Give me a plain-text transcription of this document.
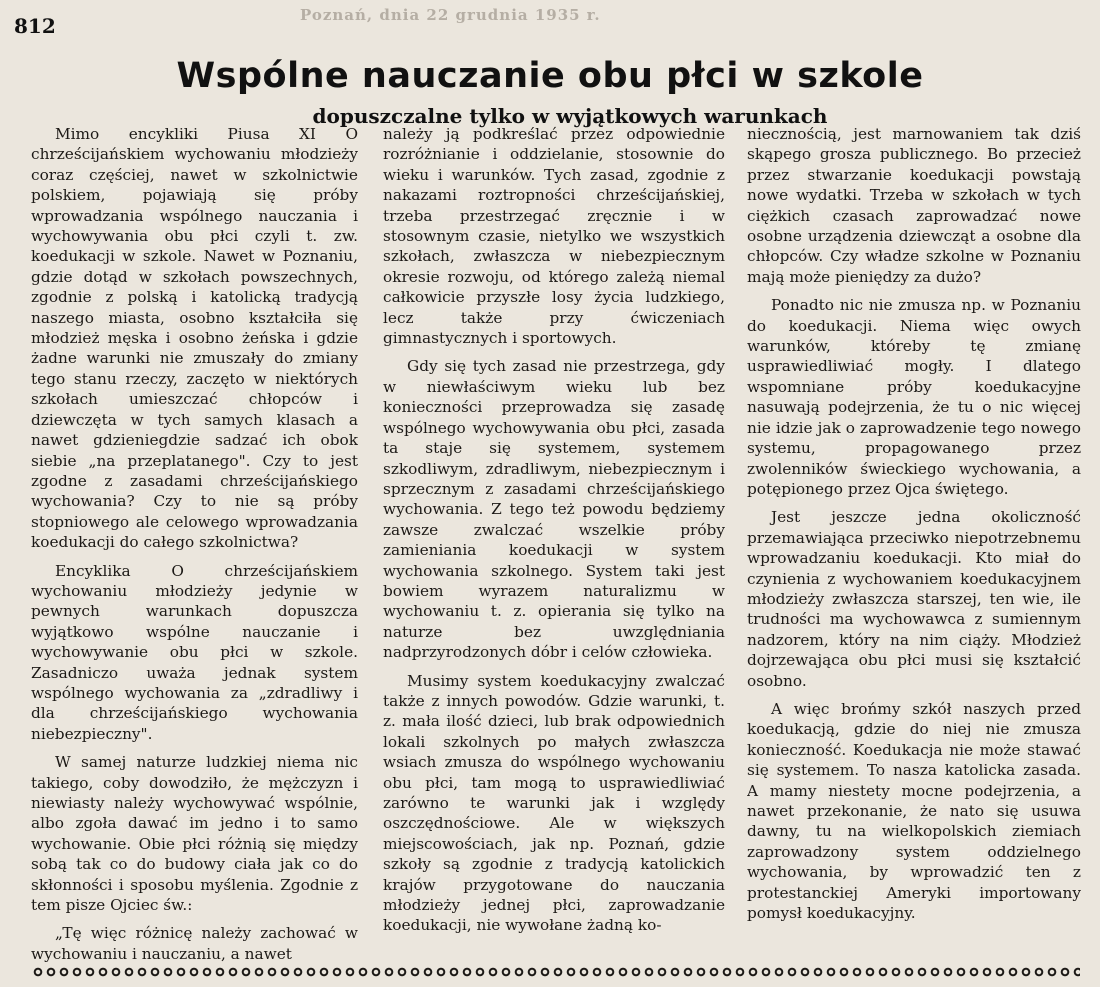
812	Poznań, dnia 22 grudnia 1935 r.
Wspólne nauczanie obu płci w szkole
dopuszczalne tylko w wyjątkowych warunkach

Mimo encykliki Piusa XI O chrześcijańskiem wychowaniu młodzieży coraz częściej, nawet w szkolnictwie polskiem, pojawiają się próby wprowadzania wspólnego nauczania i wychowywania obu płci czyli t. zw. koedukacji w szkole. Nawet w Poznaniu, gdzie dotąd w szkołach powszechnych, zgodnie z polską i katolicką tradycją naszego miasta, osobno kształciła się młodzież męska i osobno żeńska i gdzie żadne warunki nie zmuszały do zmiany tego stanu rzeczy, zaczęto w niektórych szkołach umieszczać chłopców i dziewczęta w tych samych klasach a nawet gdzieniegdzie sadzać ich obok siebie „na przeplatanego". Czy to jest zgodne z zasadami chrześcijańskiego wychowania? Czy to nie są próby stopniowego ale celowego wprowadzania koedukacji do całego szkolnictwa?

Encyklika O chrześcijańskiem wychowaniu młodzieży jedynie w pewnych warunkach dopuszcza wyjątkowo wspólne nauczanie i wychowywanie obu płci w szkole. Zasadniczo uważa jednak system wspólnego wychowania za „zdradliwy i dla chrześcijańskiego wychowania niebezpieczny".

W samej naturze ludzkiej niema nic takiego, coby dowodziło, że mężczyzn i niewiasty należy wychowywać wspólnie, albo zgoła dawać im jedno i to samo wychowanie. Obie płci różnią się między sobą tak co do budowy ciała jak co do skłonności i sposobu myślenia. Zgodnie z tem pisze Ojciec św.:

„Tę więc różnicę należy zachować w wychowaniu i nauczaniu, a nawet

należy ją podkreślać przez odpowiednie rozróżnianie i oddzielanie, stosownie do wieku i warunków. Tych zasad, zgodnie z nakazami roztropności chrześcijańskiej, trzeba przestrzegać zręcznie i w stosownym czasie, nietylko we wszystkich szkołach, zwłaszcza w niebezpiecznym okresie rozwoju, od którego zależą niemal całkowicie przyszłe losy życia ludzkiego, lecz także przy ćwiczeniach gimnastycznych i sportowych.

Gdy się tych zasad nie przestrzega, gdy w niewłaściwym wieku lub bez konieczności przeprowadza się zasadę wspólnego wychowywania obu płci, zasada ta staje się systemem, systemem szkodliwym, zdradliwym, niebezpiecznym i sprzecznym z zasadami chrześcijańskiego wychowania. Z tego też powodu będziemy zawsze zwalczać wszelkie próby zamieniania koedukacji w system wychowania szkolnego. System taki jest bowiem wyrazem naturalizmu w wychowaniu t. z. opierania się tylko na naturze bez uwzględniania nadprzyrodzonych dóbr i celów człowieka.

Musimy system koedukacyjny zwalczać także z innych powodów. Gdzie warunki, t. z. mała ilość dzieci, lub brak odpowiednich lokali szkolnych po małych zwłaszcza wsiach zmusza do wspólnego wychowaniu obu płci, tam mogą to usprawiedliwiać zarówno te warunki jak i względy oszczędnościowe. Ale w większych miejscowościach, jak np. Poznań, gdzie szkoły są zgodnie z tradycją katolickich krajów przygotowane do nauczania młodzieży jednej płci, zaprowadzanie koedukacji, nie wywołane żadną ko-

niecznością, jest marnowaniem tak dziś skąpego grosza publicznego. Bo przecież przez stwarzanie koedukacji powstają nowe wydatki. Trzeba w szkołach w tych ciężkich czasach zaprowadzać nowe osobne urządzenia dziewcząt a osobne dla chłopców. Czy władze szkolne w Poznaniu mają może pieniędzy za dużo?

Ponadto nic nie zmusza np. w Poznaniu do koedukacji. Niema więc owych warunków, któreby tę zmianę usprawiedliwiać mogły. I dlatego wspomniane próby koedukacyjne nasuwają podejrzenia, że tu o nic więcej nie idzie jak o zaprowadzenie tego nowego systemu, propagowanego przez zwolenników świeckiego wychowania, a potępionego przez Ojca świętego.

Jest jeszcze jedna okoliczność przemawiająca przeciwko niepotrzebnemu wprowadzaniu koedukacji. Kto miał do czynienia z wychowaniem koedukacyjnem młodzieży zwłaszcza starszej, ten wie, ile trudności ma wychowawca z sumiennym nadzorem, który na nim ciąży. Młodzież dojrzewająca obu płci musi się kształcić osobno.

A więc brońmy szkół naszych przed koedukacją, gdzie do niej nie zmusza konieczność. Koedukacja nie może stawać się systemem. To nasza katolicka zasada. A mamy niestety mocne podejrzenia, a nawet przekonanie, że nato się usuwa dawny, tu na wielkopolskich ziemiach zaprowadzony system oddzielnego wychowania, by wprowadzić ten z protestanckiej Ameryki importowany pomysł koedukacyjny.
